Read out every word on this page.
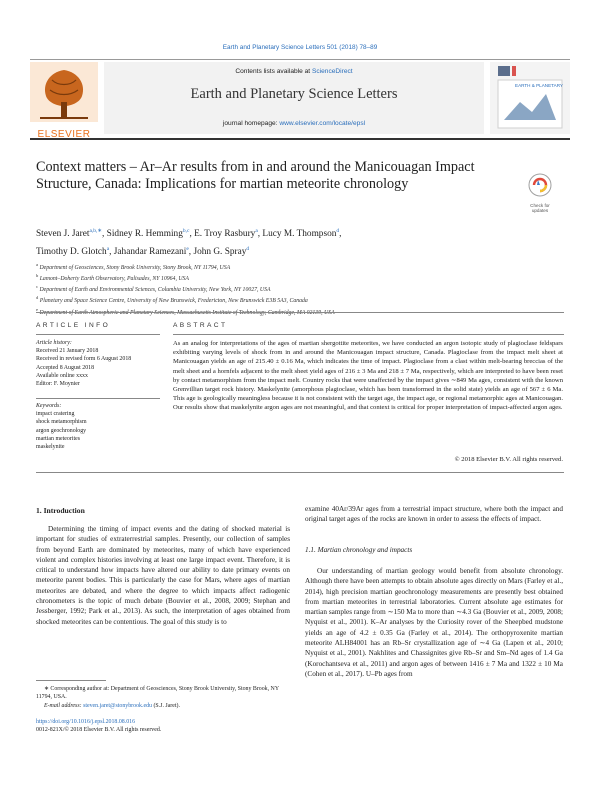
Earth and Planetary Science Letters 501 (2018) 78–89
ELSEVIER
Contents lists available at ScienceDirect
Earth and Planetary Science Letters
journal homepage: www.elsevier.com/locate/epsl
EARTH & PLANETARY
Context matters – Ar–Ar results from in and around the Manicouagan Impact Structure, Canada: Implications for martian meteorite chronology
Check for updates
Steven J. Jaret$^{a,b,∗}$, Sidney R. Hemming$^{b,c}$, E. Troy Rasbury$^a$, Lucy M. Thompson$^d$,
Timothy D. Glotch$^a$, Jahandar Ramezani$^e$, John G. Spray$^d$
$^a$ Department of Geosciences, Stony Brook University, Stony Brook, NY 11794, USA
$^b$ Lamont–Doherty Earth Observatory, Palisades, NY 10964, USA
$^c$ Department of Earth and Environmental Sciences, Columbia University, New York, NY 10027, USA
$^d$ Planetary and Space Science Centre, University of New Brunswick, Fredericton, New Brunswick E3B 5A3, Canada
$^e$ Department of Earth Atmospheric and Planetary Sciences, Massachusetts Institute of Technology, Cambridge, MA 02139, USA
ARTICLE INFO
Article history:
Received 21 January 2018
Received in revised form 6 August 2018
Accepted 8 August 2018
Available online xxxx
Editor: F. Moynier
Keywords:
impact cratering
shock metamorphism
argon geochronology
martian meteorites
maskelynite
ABSTRACT
As an analog for interpretations of the ages of martian shergottite meteorites, we have conducted an argon isotopic study of plagioclase feldspars exhibiting varying levels of shock from in and around the Manicouagan impact structure, Canada. Plagioclase from the impact melt sheet at Manicouagan yields an age of 215.40 ± 0.16 Ma, which indicates the time of impact. Plagioclase from a clast within melt-bearing breccias of the melt sheet and a hornfels adjacent to the melt sheet yield ages of 216 ± 3 Ma and 218 ± 7 Ma, respectively, which are interpreted to have been reset by contact metamorphism from the impact melt. Country rocks that were unaffected by the impact gives ∼849 Ma ages, consistent with the known Grenvillian target rock history. Maskelynite (amorphous plagioclase, which has been transformed in the solid state) yields an age of 567 ± 6 Ma. This age is geologically meaningless because it is not consistent with the target age, the impact age, or regional metamorphic ages at Manicouagan. Our results show that maskelynite argon ages are not meaningful, and that context is critical for proper interpretation of impact-affected argon ages.
© 2018 Elsevier B.V. All rights reserved.
1. Introduction
Determining the timing of impact events and the dating of shocked material is important for studies of extraterrestrial samples. Presently, our collection of samples from beyond Earth are dominated by meteorites, many of which have experienced violent and complex histories involving at least one large impact event. Therefore, it is critical to understand how impacts have altered our ability to date primary events on meteorite parent bodies. This is particularly the case for Mars, where ages of martian meteorites are debated, and where the degree to which impacts affect radiogenic chronometers is the topic of much debate (Bouvier et al., 2008, 2009; Stephan and Jessberger, 1992; Park et al., 2013). As such, the interpretation of ages obtained from shocked meteorites can be contentious. The goal of this study is to
examine 40Ar/39Ar ages from a terrestrial impact structure, where both the impact and original target ages of the rocks are known in order to assess the effects of impact.
1.1. Martian chronology and impacts
Our understanding of martian geology would benefit from absolute chronology. Although there have been attempts to obtain absolute ages directly on Mars (Farley et al., 2014), high precision martian geochronology measurements are presently best obtained from martian meteorites in terrestrial laboratories. Current absolute age estimates for martian samples range from ∼150 Ma to more than ∼4.3 Ga (Bouvier et al., 2009, 2008; Nyquist et al., 2001). K–Ar analyses by the Curiosity rover of the Sheepbed mudstone yields an age of 4.2 ± 0.35 Ga (Farley et al., 2014). The orthopyroxenite martian meteorite ALH84001 has an Rb–Sr crystallization age of ∼4 Ga (Lapen et al., 2010; Nyquist et al., 2001). Nakhlites and Chassignites give Rb–Sr and Sm–Nd ages of 1.4 Ga (Korochantseva et al., 2011) and argon ages of between 1416 ± 7 Ma and 1322 ± 10 Ma (Cohen et al., 2017). U–Pb ages from
∗ Corresponding author at: Department of Geosciences, Stony Brook University, Stony Brook, NY 11794, USA.
E-mail address: steven.jaret@stonybrook.edu (S.J. Jaret).
https://doi.org/10.1016/j.epsl.2018.08.016
0012-821X/© 2018 Elsevier B.V. All rights reserved.
